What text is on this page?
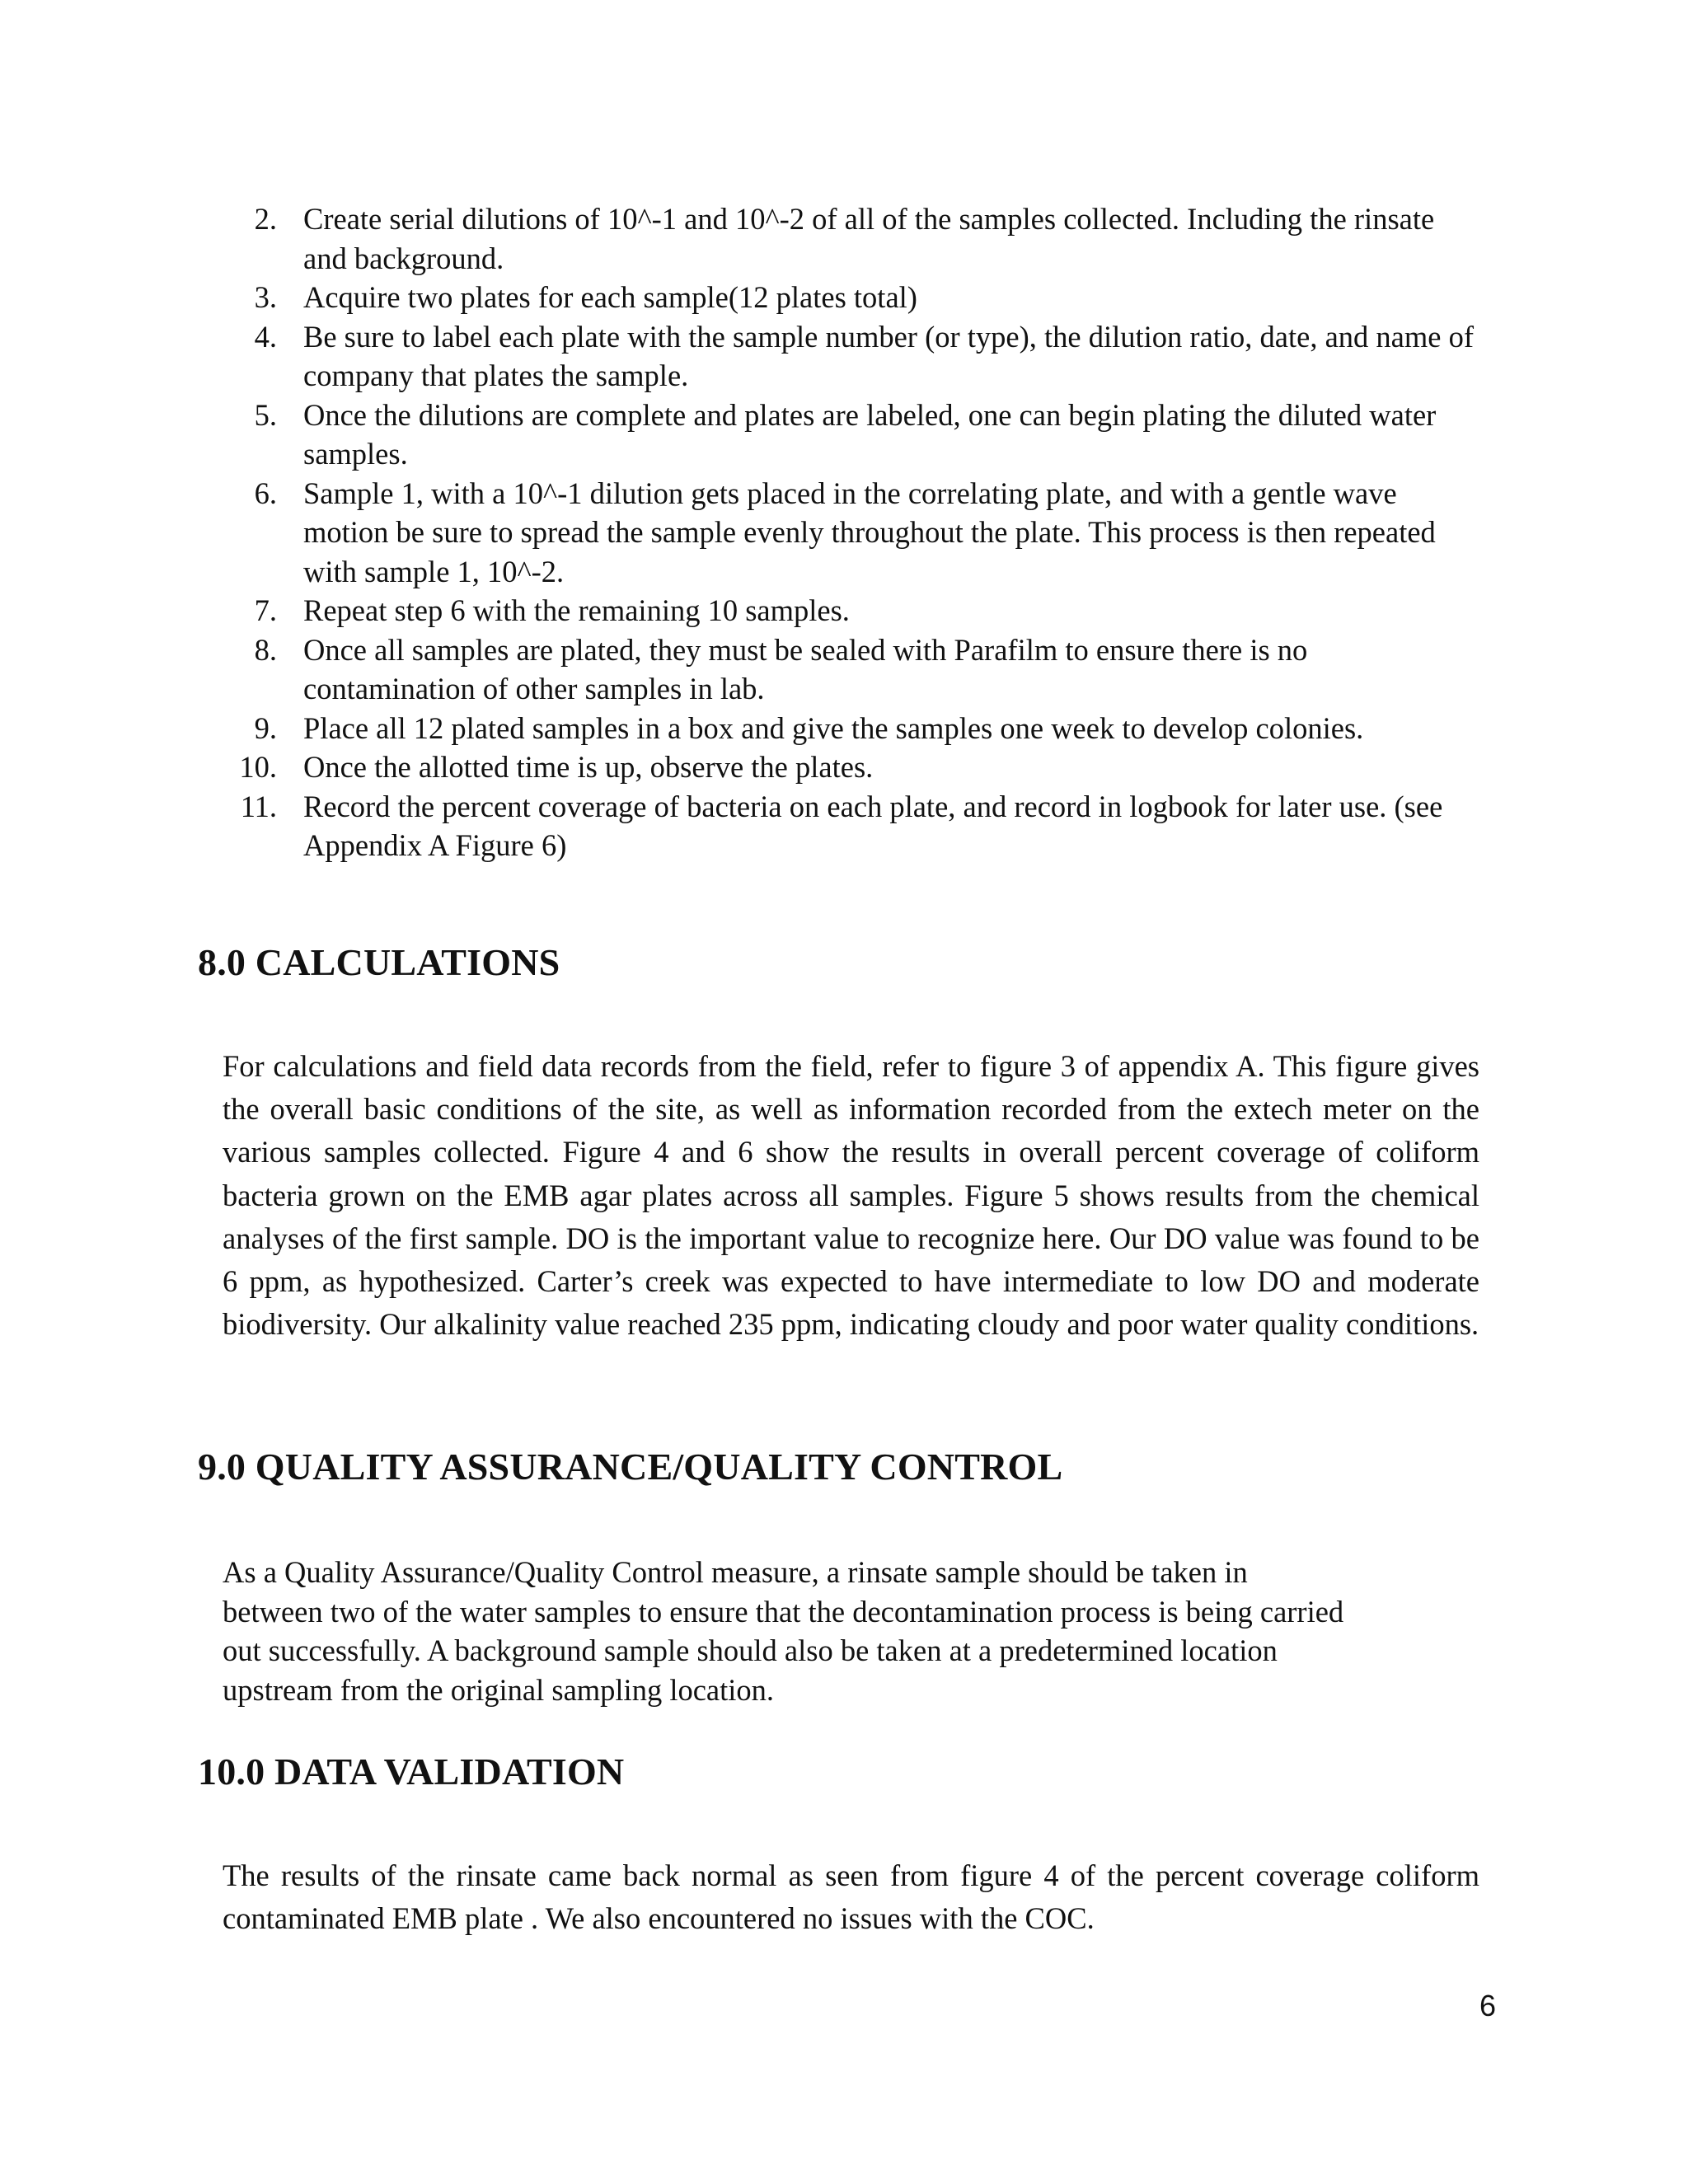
2. Create serial dilutions of 10^-1 and 10^-2 of all of the samples collected. Including the rinsate and background.
3. Acquire two plates for each sample(12 plates total)
4. Be sure to label each plate with the sample number (or type), the dilution ratio, date, and name of company that plates the sample.
5. Once the dilutions are complete and plates are labeled, one can begin plating the diluted water samples.
6. Sample 1, with a 10^-1 dilution gets placed in the correlating plate, and with a gentle wave motion be sure to spread the sample evenly throughout the plate. This process is then repeated with sample 1, 10^-2.
7. Repeat step 6 with the remaining 10 samples.
8. Once all samples are plated, they must be sealed with Parafilm to ensure there is no contamination of other samples in lab.
9. Place all 12 plated samples in a box and give the samples one week to develop colonies.
10. Once the allotted time is up, observe the plates.
11. Record the percent coverage of bacteria on each plate, and record in logbook for later use. (see Appendix A Figure 6)
8.0 CALCULATIONS

For calculations and field data records from the field, refer to figure 3 of appendix A. This figure gives the overall basic conditions of the site, as well as information recorded from the extech meter on the various samples collected. Figure 4 and 6 show the results in overall percent coverage of coliform bacteria grown on the EMB agar plates across all samples. Figure 5 shows results from the chemical analyses of the first sample. DO is the important value to recognize here. Our DO value was found to be 6 ppm, as hypothesized. Carter’s creek was expected to have intermediate to low DO and moderate biodiversity. Our alkalinity value reached 235 ppm, indicating cloudy and poor water quality conditions.

9.0 QUALITY ASSURANCE/QUALITY CONTROL

As a Quality Assurance/Quality Control measure, a rinsate sample should be taken in
between two of the water samples to ensure that the decontamination process is being carried
out successfully. A background sample should also be taken at a predetermined location
upstream from the original sampling location.

10.0 DATA VALIDATION

The results of the rinsate came back normal as seen from figure 4 of the percent coverage coliform contaminated EMB plate . We also encountered no issues with the COC.

6
